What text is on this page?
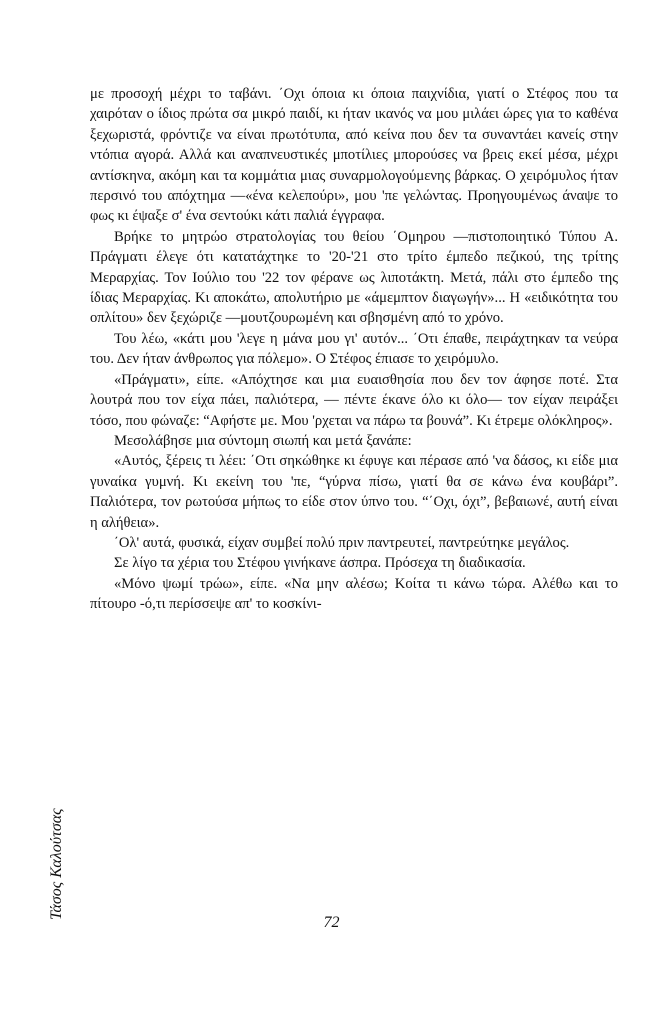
με προσοχή μέχρι το ταβάνι. ΄Οχι όποια κι όποια παιχνίδια, γιατί ο Στέφος που τα χαιρόταν ο ίδιος πρώτα σα μικρό παιδί, κι ήταν ικανός να μου μιλάει ώρες για το καθένα ξεχωριστά, φρόντιζε να είναι πρωτότυπα, από κείνα που δεν τα συναντάει κανείς στην ντόπια αγορά. Αλλά και αναπνευστικές μποτίλιες μπορούσες να βρεις εκεί μέσα, μέχρι αντίσκηνα, ακόμη και τα κομμάτια μιας συναρμολογούμενης βάρκας. Ο χειρόμυλος ήταν περσινό του απόχτημα —«ένα κελεπούρι», μου 'πε γελώντας. Προηγουμένως άναψε το φως κι έψαξε σ' ένα σεντούκι κάτι παλιά έγγραφα.

Βρήκε το μητρώο στρατολογίας του θείου ΄Ομηρου —πιστοποιητικό Τύπου Α. Πράγματι έλεγε ότι κατατάχτηκε το '20-'21 στο τρίτο έμπεδο πεζικού, της τρίτης Μεραρχίας. Τον Ιούλιο του '22 τον φέρανε ως λιποτάκτη. Μετά, πάλι στο έμπεδο της ίδιας Μεραρχίας. Κι αποκάτω, απολυτήριο με «άμεμπτον διαγωγήν»... Η «ειδικότητα του οπλίτου» δεν ξεχώριζε —μουτζουρωμένη και σβησμένη από το χρόνο.

Του λέω, «κάτι μου 'λεγε η μάνα μου γι' αυτόν... ΄Οτι έπαθε, πειράχτηκαν τα νεύρα του. Δεν ήταν άνθρωπος για πόλεμο». Ο Στέφος έπιασε το χειρόμυλο.

«Πράγματι», είπε. «Απόχτησε και μια ευαισθησία που δεν τον άφησε ποτέ. Στα λουτρά που τον είχα πάει, παλιότερα, — πέντε έκανε όλο κι όλο— τον είχαν πειράξει τόσο, που φώναζε: “Αφήστε με. Μου 'ρχεται να πάρω τα βουνά”. Κι έτρεμε ολόκληρος».

Μεσολάβησε μια σύντομη σιωπή και μετά ξανάπε:

«Αυτός, ξέρεις τι λέει: ΄Οτι σηκώθηκε κι έφυγε και πέρασε από 'να δάσος, κι είδε μια γυναίκα γυμνή. Κι εκείνη του 'πε, “γύρνα πίσω, γιατί θα σε κάνω ένα κουβάρι”. Παλιότερα, τον ρωτούσα μήπως το είδε στον ύπνο του. “΄Οχι, όχι”, βεβαιωνέ, αυτή είναι η αλήθεια».

΄Ολ' αυτά, φυσικά, είχαν συμβεί πολύ πριν παντρευτεί, παντρεύτηκε μεγάλος.

Σε λίγο τα χέρια του Στέφου γινήκανε άσπρα. Πρόσεχα τη διαδικασία.

«Μόνο ψωμί τρώω», είπε. «Να μην αλέσω; Κοίτα τι κάνω τώρα. Αλέθω και το πίτουρο -ό,τι περίσσεψε απ' το κοσκίνι-

Τάσος Καλούτσας
72
